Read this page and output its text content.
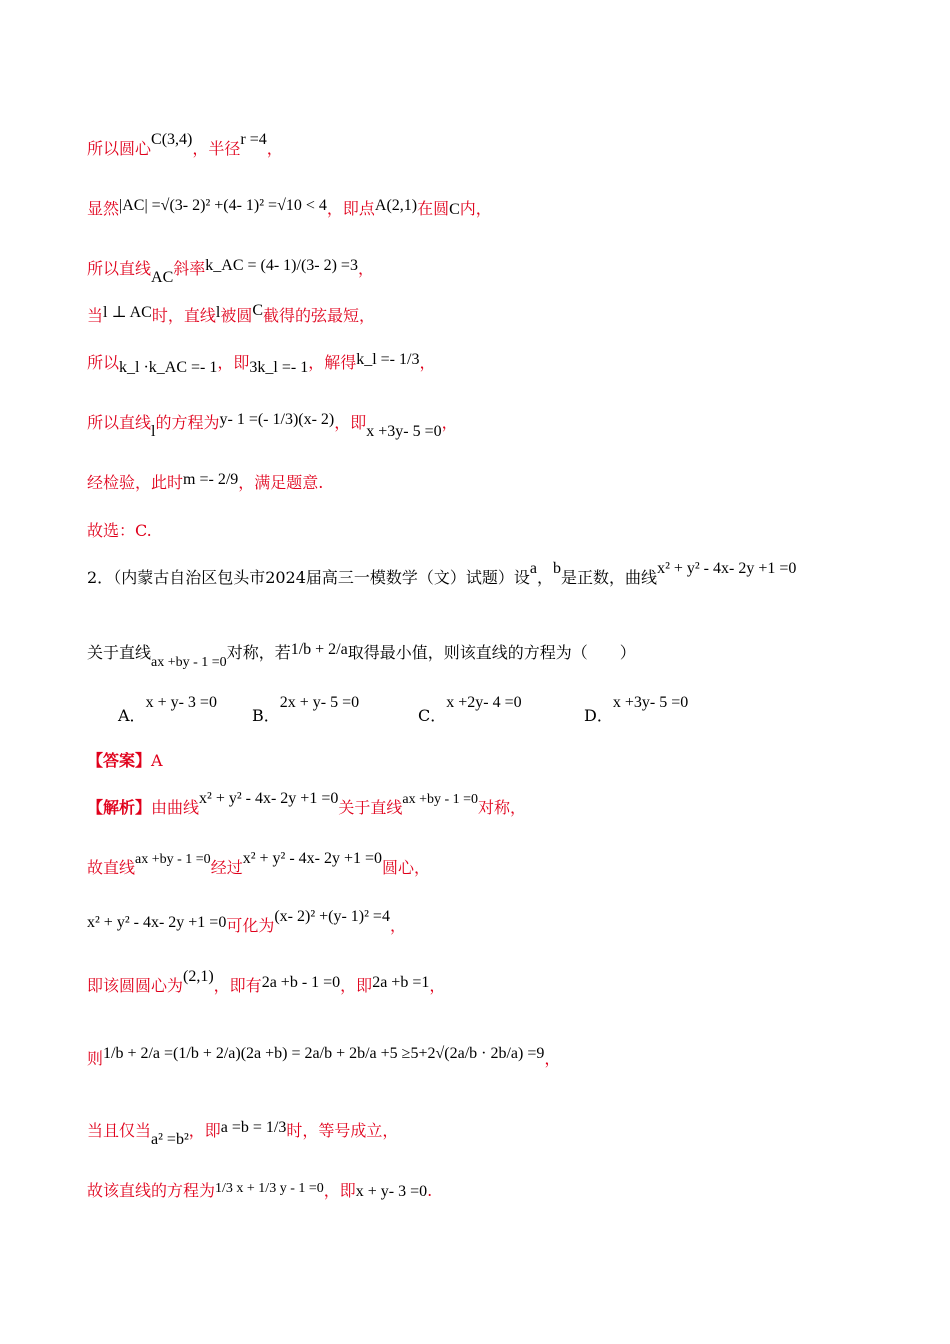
所以圆心C(3,4)，半径r =4，
显然|AC| =√(3- 2)² +(4- 1)² =√10 < 4，即点A(2,1)在圆C内，
所以直线AC斜率k_AC = (4- 1)/(3- 2) =3，
当l ⊥ AC时，直线l被圆C截得的弦最短，
所以k_l ·k_AC =- 1，即3k_l =- 1，解得k_l =- 1/3，
所以直线l的方程为y- 1 =(- 1/3)(x- 2)，即x +3y- 5 =0，
经检验，此时m =- 2/9，满足题意.
故选：C.
2．（内蒙古自治区包头市2024届高三一模数学（文）试题）设a，b是正数，曲线x² + y² - 4x- 2y +1 =0
关于直线ax +by - 1 =0对称，若1/b + 2/a取得最小值，则该直线的方程为（　　）
A．x + y- 3 =0
B．2x + y- 5 =0
C．x +2y- 4 =0
D．x +3y- 5 =0
【答案】A
【解析】由曲线x² + y² - 4x- 2y +1 =0关于直线ax +by - 1 =0对称，
故直线ax +by - 1 =0经过x² + y² - 4x- 2y +1 =0圆心，
x² + y² - 4x- 2y +1 =0可化为(x- 2)² +(y- 1)² =4，
即该圆圆心为(2,1)，即有2a +b - 1 =0，即2a +b =1，
则1/b + 2/a =(1/b + 2/a)(2a +b) = 2a/b + 2b/a +5 ≥5+2√(2a/b · 2b/a) =9，
当且仅当a² =b²，即a =b = 1/3时，等号成立，
故该直线的方程为1/3 x + 1/3 y - 1 =0，即x + y- 3 =0.
